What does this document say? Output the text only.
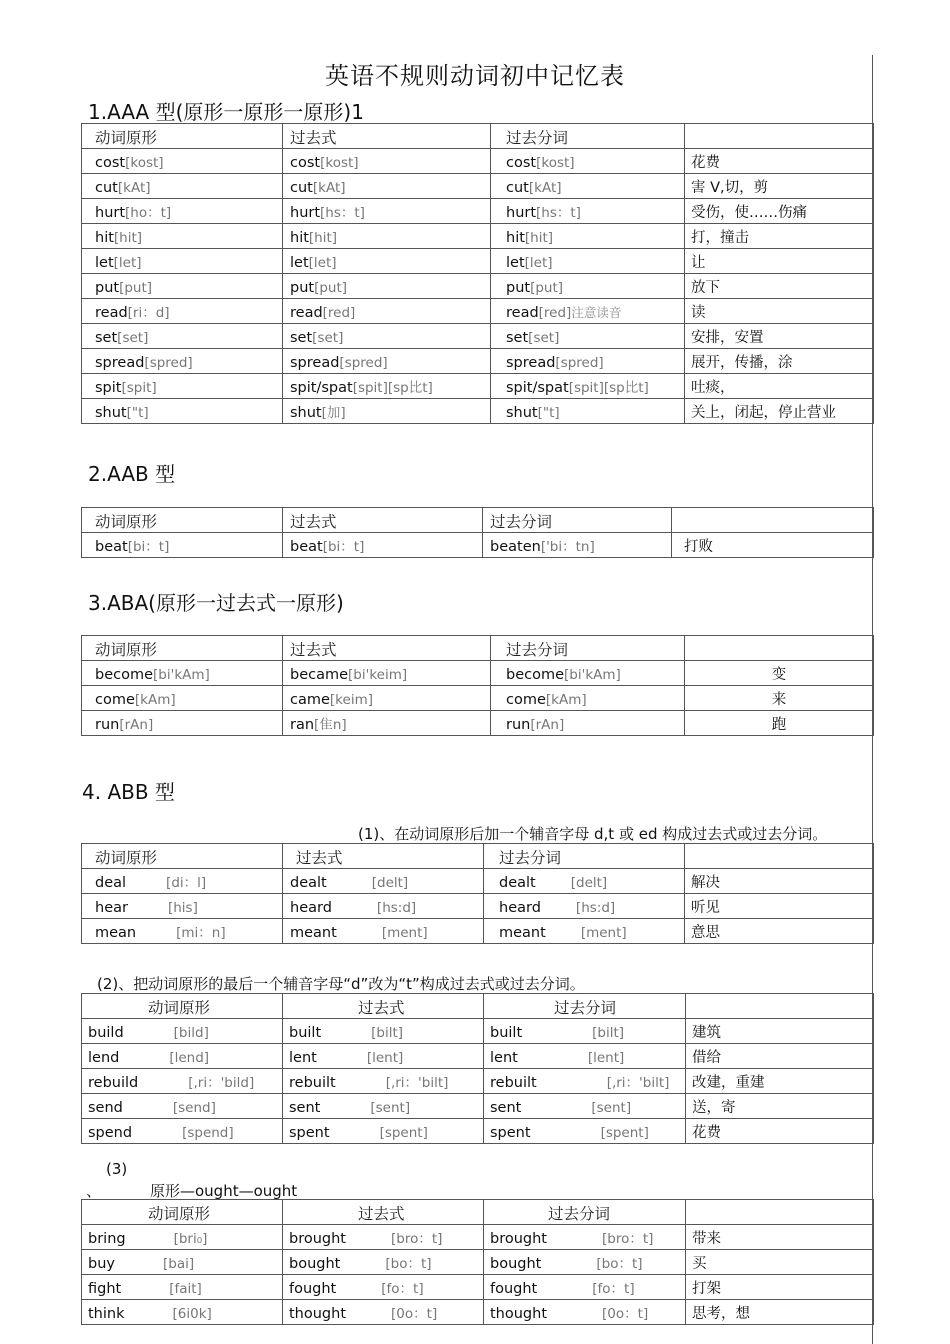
英语不规则动词初中记忆表
1.AAA 型(原形一原形一原形)1
动词原形	过去式	过去分词	
cost[kost]	cost[kost]	cost[kost]	花费
cut[kAt]	cut[kAt]	cut[kAt]	害 V,切，剪
hurt[ho：t]	hurt[hs：t]	hurt[hs：t]	受伤，使……伤痛
hit[hit]	hit[hit]	hit[hit]	打，撞击
let[let]	let[let]	let[let]	让
put[put]	put[put]	put[put]	放下
read[ri：d]	read[red]	read[red]注意读音	读
set[set]	set[set]	set[set]	安排，安置
spread[spred]	spread[spred]	spread[spred]	展开，传播，涂
spit[spit]	spit/spat[spit][sp比t]	spit/spat[spit][sp比t]	吐痰，
shut["t]	shut[加]	shut["t]	关上，闭起，停止营业
2.AAB 型
动词原形	过去式	过去分词	
beat[bi：t]	beat[bi：t]	beaten['bi：tn]	打败
3.ABA(原形一过去式一原形)
动词原形	过去式	过去分词	
become[bi'kAm]	became[bi'keim]	become[bi'kAm]	变
come[kAm]	came[keim]	come[kAm]	来
run[rAn]	ran[隹n]	run[rAn]	跑
4. ABB 型
(1)、在动词原形后加一个辅音字母 d,t 或 ed 构成过去式或过去分词。
动词原形	过去式	过去分词	
deal [di：l]	dealt [delt]	dealt [delt]	解决
hear [his]	heard [hs:d]	heard [hs:d]	听见
mean [mi：n]	meant [ment]	meant [ment]	意思
(2)、把动词原形的最后一个辅音字母“d”改为“t”构成过去式或过去分词。
动词原形	过去式	过去分词	
build [bild]	built [bilt]	built [bilt]	建筑
lend [lend]	lent [lent]	lent [lent]	借给
rebuild [,ri：'bild]	rebuilt [,ri：'bilt]	rebuilt [,ri：'bilt]	改建，重建
send [send]	sent [sent]	sent [sent]	送，寄
spend [spend]	spent [spent]	spent [spent]	花费
(3)
、	原形—ought—ought
动词原形	过去式	过去分词	
bring [bri₀]	brought [bro：t]	brought [bro：t]	带来
buy [bai]	bought [bo：t]	bought [bo：t]	买
fight [fait]	fought [fo：t]	fought [fo：t]	打架
think [6i0k]	thought [0o：t]	thought [0o：t]	思考，想
